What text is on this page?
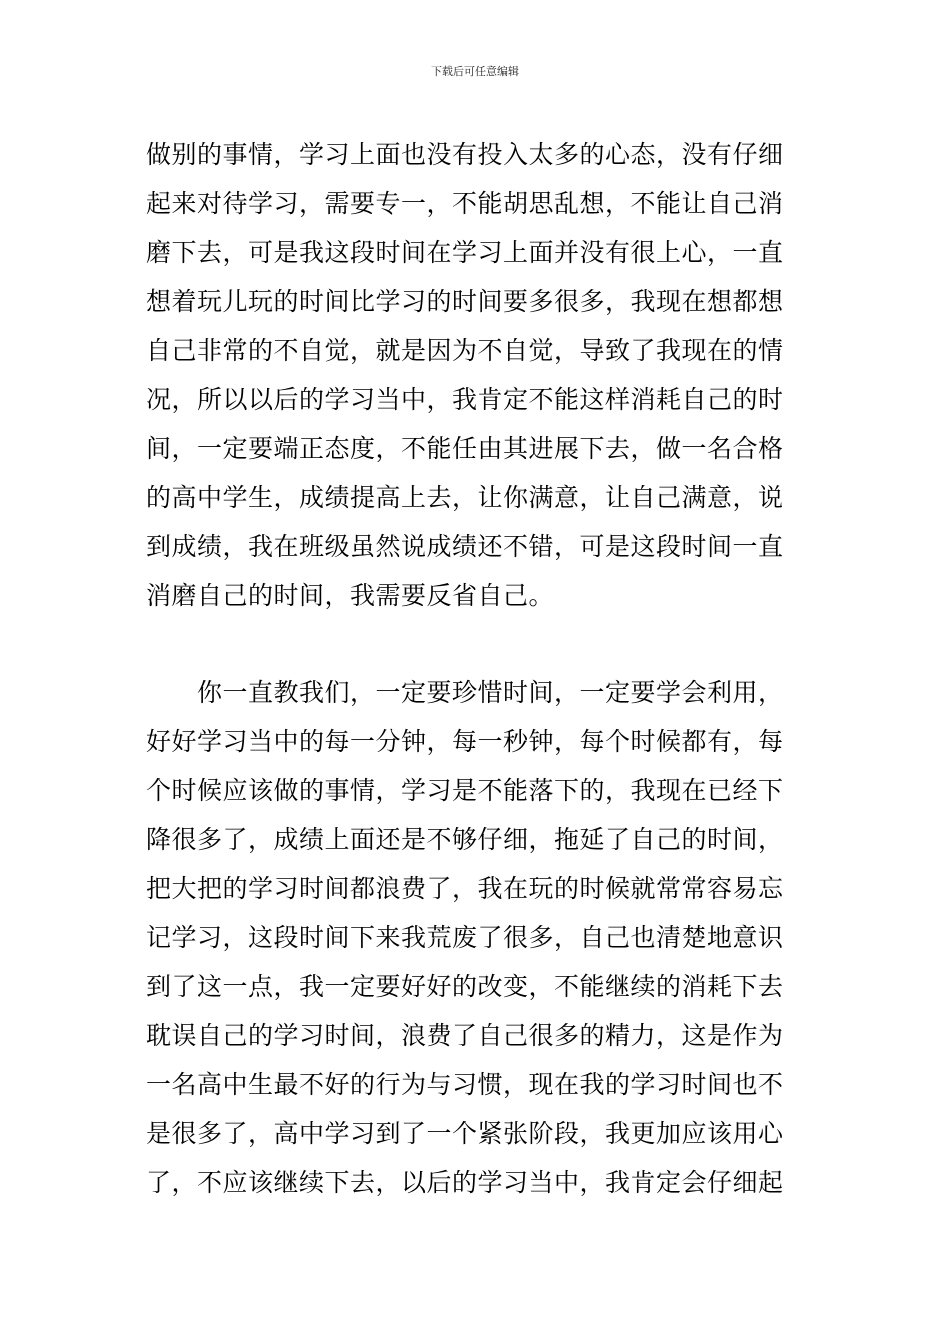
下载后可任意编辑
做别的事情，学习上面也没有投入太多的心态，没有仔细
起来对待学习，需要专一，不能胡思乱想，不能让自己消
磨下去，可是我这段时间在学习上面并没有很上心，一直
想着玩儿玩的时间比学习的时间要多很多，我现在想都想
自己非常的不自觉，就是因为不自觉，导致了我现在的情
况，所以以后的学习当中，我肯定不能这样消耗自己的时
间，一定要端正态度，不能任由其进展下去，做一名合格
的高中学生，成绩提高上去，让你满意，让自己满意，说
到成绩，我在班级虽然说成绩还不错，可是这段时间一直
消磨自己的时间，我需要反省自己。
　　你一直教我们，一定要珍惜时间，一定要学会利用，
好好学习当中的每一分钟，每一秒钟，每个时候都有，每
个时候应该做的事情，学习是不能落下的，我现在已经下
降很多了，成绩上面还是不够仔细，拖延了自己的时间，
把大把的学习时间都浪费了，我在玩的时候就常常容易忘
记学习，这段时间下来我荒废了很多，自己也清楚地意识
到了这一点，我一定要好好的改变，不能继续的消耗下去
耽误自己的学习时间，浪费了自己很多的精力，这是作为
一名高中生最不好的行为与习惯，现在我的学习时间也不
是很多了，高中学习到了一个紧张阶段，我更加应该用心
了，不应该继续下去，以后的学习当中，我肯定会仔细起
